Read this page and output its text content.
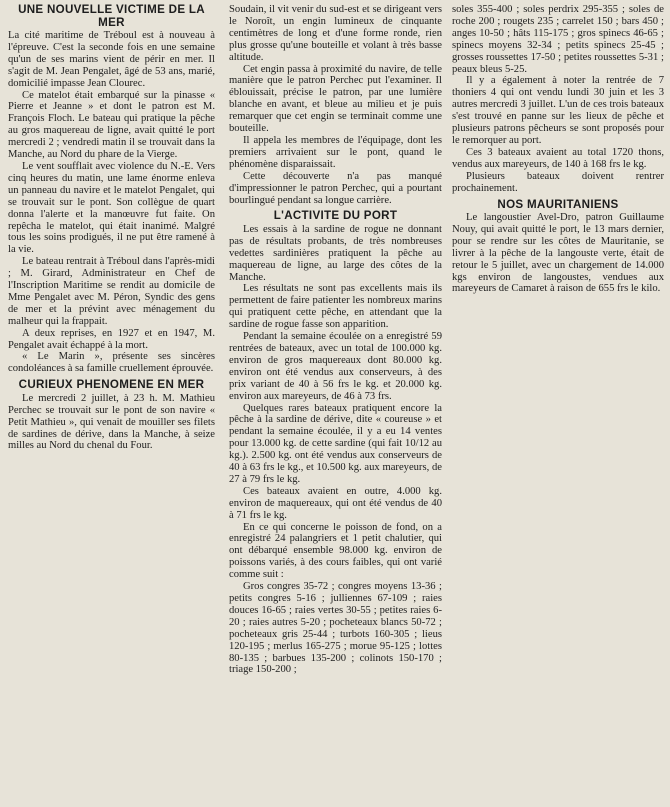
UNE NOUVELLE VICTIME DE LA MER

La cité maritime de Tréboul est à nouveau à l'épreuve. C'est la seconde fois en une semaine qu'un de ses marins vient de périr en mer. Il s'agit de M. Jean Pengalet, âgé de 53 ans, marié, domicilié impasse Jean Clourec.

Ce matelot était embarqué sur la pinasse « Pierre et Jeanne » et dont le patron est M. François Floch. Le bateau qui pratique la pêche au gros maquereau de ligne, avait quitté le port mercredi 2 ; vendredi matin il se trouvait dans la Manche, au Nord du phare de la Vierge.

Le vent soufflait avec violence du N.-E. Vers cinq heures du matin, une lame énorme enleva un panneau du navire et le matelot Pengalet, qui se trouvait sur le pont. Son collègue de quart donna l'alerte et la manœuvre fut faite. On repêcha le matelot, qui était inanimé. Malgré tous les soins prodigués, il ne put être ramené à la vie.

Le bateau rentrait à Tréboul dans l'après-midi ; M. Girard, Administrateur en Chef de l'Inscription Maritime se rendit au domicile de Mme Pengalet avec M. Péron, Syndic des gens de mer et la prévint avec ménagement du malheur qui la frappait.

A deux reprises, en 1927 et en 1947, M. Pengalet avait échappé à la mort.

« Le Marin », présente ses sincères condoléances à sa famille cruellement éprouvée.

CURIEUX PHENOMENE EN MER

Le mercredi 2 juillet, à 23 h. M. Mathieu Perchec se trouvait sur le pont de son navire « Petit Mathieu », qui venait de mouiller ses filets de sardines de dérive, dans la Manche, à seize milles au Nord du chenal du Four.

Soudain, il vit venir du sud-est et se dirigeant vers le Noroît, un engin lumineux de cinquante centimètres de long et d'une forme ronde, rien plus grosse qu'une bouteille et volant à très basse altitude.

Cet engin passa à proximité du navire, de telle manière que le patron Perchec put l'examiner. Il éblouissait, précise le patron, par une lumière blanche en avant, et bleue au milieu et je puis remarquer que cet engin se terminait comme une bouteille.

Il appela les membres de l'équipage, dont les premiers arrivaient sur le pont, quand le phénomène disparaissait.

Cette découverte n'a pas manqué d'impressionner le patron Perchec, qui a pourtant bourlingué pendant sa longue carrière.

L'ACTIVITE DU PORT

Les essais à la sardine de rogue ne donnant pas de résultats probants, de très nombreuses vedettes sardinières pratiquent la pêche au maquereau de ligne, au large des côtes de la Manche.

Les résultats ne sont pas excellents mais ils permettent de faire patienter les nombreux marins qui pratiquent cette pêche, en attendant que la sardine de rogue fasse son apparition.

Pendant la semaine écoulée on a enregistré 59 rentrées de bateaux, avec un total de 100.000 kg. environ de gros maquereaux dont 80.000 kg. environ ont été vendus aux conserveurs, à des prix variant de 40 à 56 frs le kg. et 20.000 kg. environ aux mareyeurs, de 46 à 73 frs.

Quelques rares bateaux pratiquent encore la pêche à la sardine de dérive, dite « coureuse » et pendant la semaine écoulée, il y a eu 14 ventes pour 13.000 kg. de cette sardine (qui fait 10/12 au kg.). 2.500 kg. ont été vendus aux conserveurs de 40 à 63 frs le kg., et 10.500 kg. aux mareyeurs, de 27 à 79 frs le kg.

Ces bateaux avaient en outre, 4.000 kg. environ de maquereaux, qui ont été vendus de 40 à 71 frs le kg.

En ce qui concerne le poisson de fond, on a enregistré 24 palangriers et 1 petit chalutier, qui ont débarqué ensemble 98.000 kg. environ de poissons variés, à des cours faibles, qui ont varié comme suit :

Gros congres 35-72 ; congres moyens 13-36 ; petits congres 5-16 ; julliennes 67-109 ; raies douces 16-65 ; raies vertes 30-55 ; petites raies 6-20 ; raies autres 5-20 ; pocheteaux blancs 50-72 ; pocheteaux gris 25-44 ; turbots 160-305 ; lieus 120-195 ; merlus 165-275 ; morue 95-125 ; lottes 80-135 ; barbues 135-200 ; colinots 150-170 ; triage 150-200 ;

soles 355-400 ; soles perdrix 295-355 ; soles de roche 200 ; rougets 235 ; carrelet 150 ; bars 450 ; anges 10-50 ; hâts 115-175 ; gros spinecs 46-65 ; spinecs moyens 32-34 ; petits spinecs 25-45 ; grosses roussettes 17-50 ; petites roussettes 5-31 ; peaux bleus 5-25.

Il y a également à noter la rentrée de 7 thoniers 4 qui ont vendu lundi 30 juin et les 3 autres mercredi 3 juillet. L'un de ces trois bateaux s'est trouvé en panne sur les lieux de pêche et plusieurs patrons pêcheurs se sont proposés pour le remorquer au port.

Ces 3 bateaux avaient au total 1720 thons, vendus aux mareyeurs, de 140 à 168 frs le kg.

Plusieurs bateaux doivent rentrer prochainement.

NOS MAURITANIENS

Le langoustier Avel-Dro, patron Guillaume Nouy, qui avait quitté le port, le 13 mars dernier, pour se rendre sur les côtes de Mauritanie, se livrer à la pêche de la langouste verte, était de retour le 5 juillet, avec un chargement de 14.000 kgs environ de langoustes, vendues aux mareyeurs de Camaret à raison de 655 frs le kilo.
